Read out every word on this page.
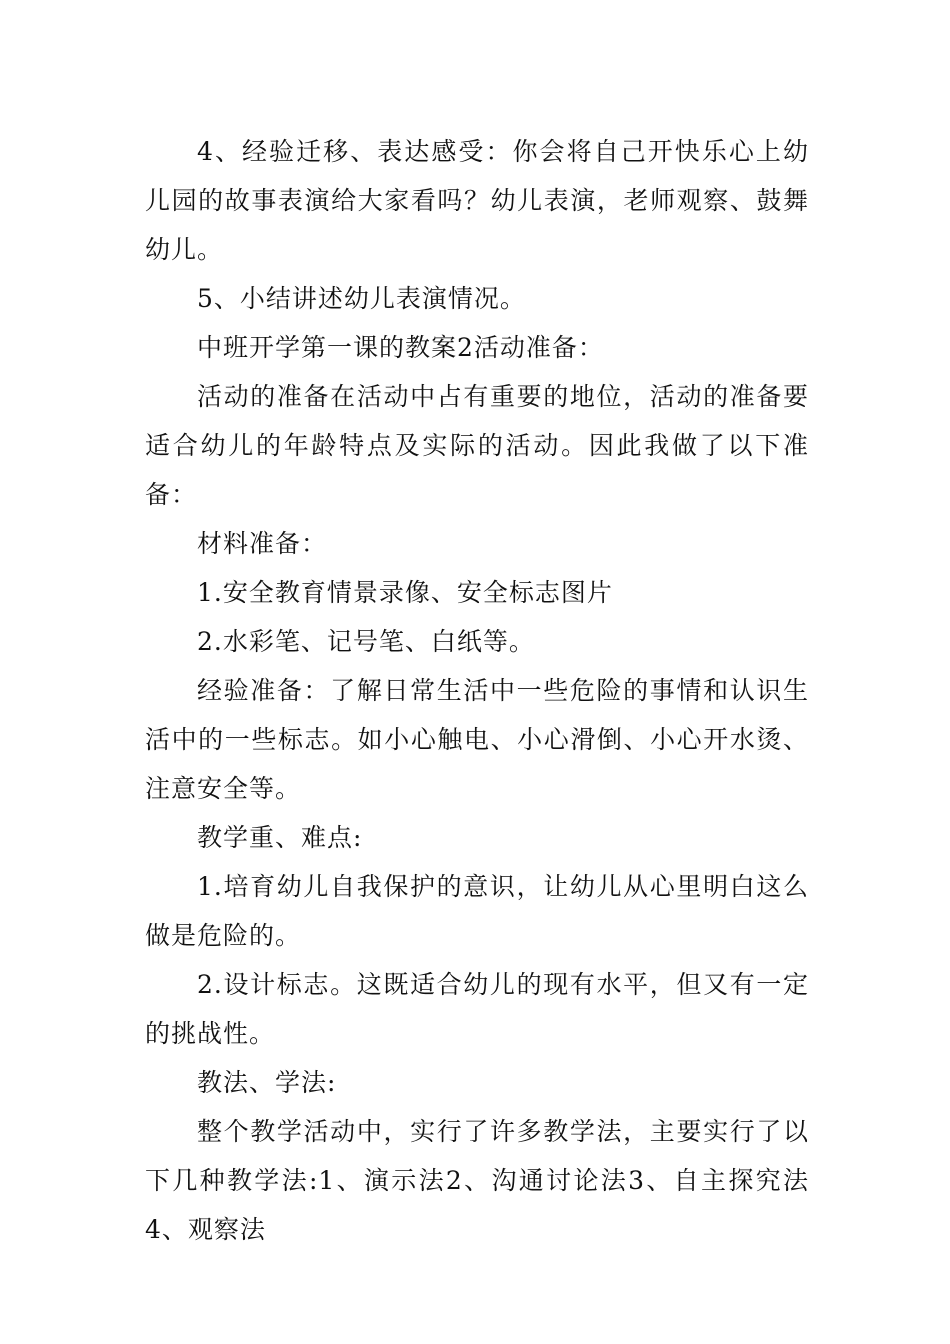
4、经验迁移、表达感受：你会将自己开快乐心上幼儿园的故事表演给大家看吗？幼儿表演，老师观察、鼓舞幼儿。

5、小结讲述幼儿表演情况。

中班开学第一课的教案2活动准备：

活动的准备在活动中占有重要的地位，活动的准备要适合幼儿的年龄特点及实际的活动。因此我做了以下准备：

材料准备：

1.安全教育情景录像、安全标志图片

2.水彩笔、记号笔、白纸等。

经验准备：了解日常生活中一些危险的事情和认识生活中的一些标志。如小心触电、小心滑倒、小心开水烫、注意安全等。

教学重、难点:

1.培育幼儿自我保护的意识，让幼儿从心里明白这么做是危险的。

2.设计标志。这既适合幼儿的现有水平，但又有一定的挑战性。

教法、学法:

整个教学活动中，实行了许多教学法，主要实行了以下几种教学法:1、演示法2、沟通讨论法3、自主探究法4、观察法
